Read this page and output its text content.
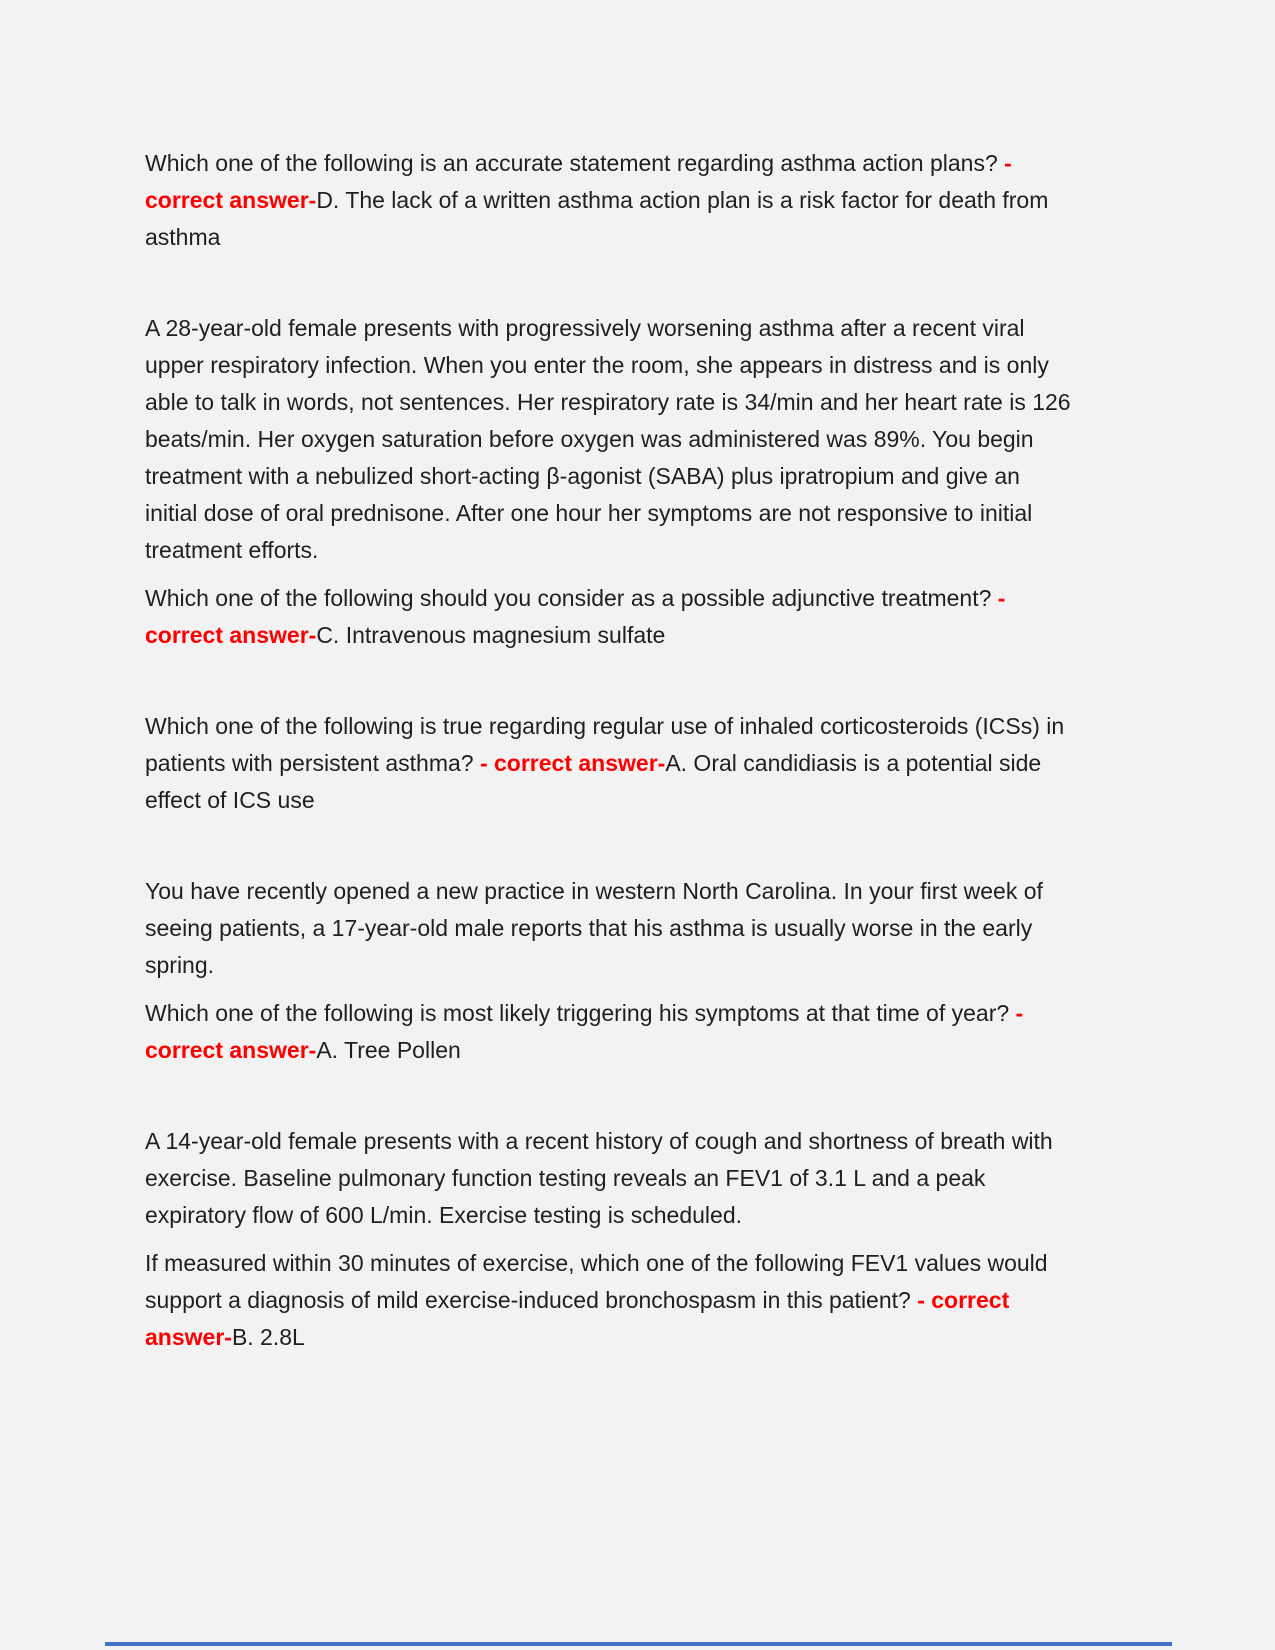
Which one of the following is an accurate statement regarding asthma action plans? - correct answer-D. The lack of a written asthma action plan is a risk factor for death from asthma

A 28-year-old female presents with progressively worsening asthma after a recent viral upper respiratory infection. When you enter the room, she appears in distress and is only able to talk in words, not sentences. Her respiratory rate is 34/min and her heart rate is 126 beats/min. Her oxygen saturation before oxygen was administered was 89%. You begin treatment with a nebulized short-acting β-agonist (SABA) plus ipratropium and give an initial dose of oral prednisone. After one hour her symptoms are not responsive to initial treatment efforts.

Which one of the following should you consider as a possible adjunctive treatment? - correct answer-C. Intravenous magnesium sulfate

Which one of the following is true regarding regular use of inhaled corticosteroids (ICSs) in patients with persistent asthma? - correct answer-A. Oral candidiasis is a potential side effect of ICS use

You have recently opened a new practice in western North Carolina. In your first week of seeing patients, a 17-year-old male reports that his asthma is usually worse in the early spring.

Which one of the following is most likely triggering his symptoms at that time of year? - correct answer-A. Tree Pollen

A 14-year-old female presents with a recent history of cough and shortness of breath with exercise. Baseline pulmonary function testing reveals an FEV1 of 3.1 L and a peak expiratory flow of 600 L/min. Exercise testing is scheduled.

If measured within 30 minutes of exercise, which one of the following FEV1 values would support a diagnosis of mild exercise-induced bronchospasm in this patient? - correct answer-B. 2.8L
